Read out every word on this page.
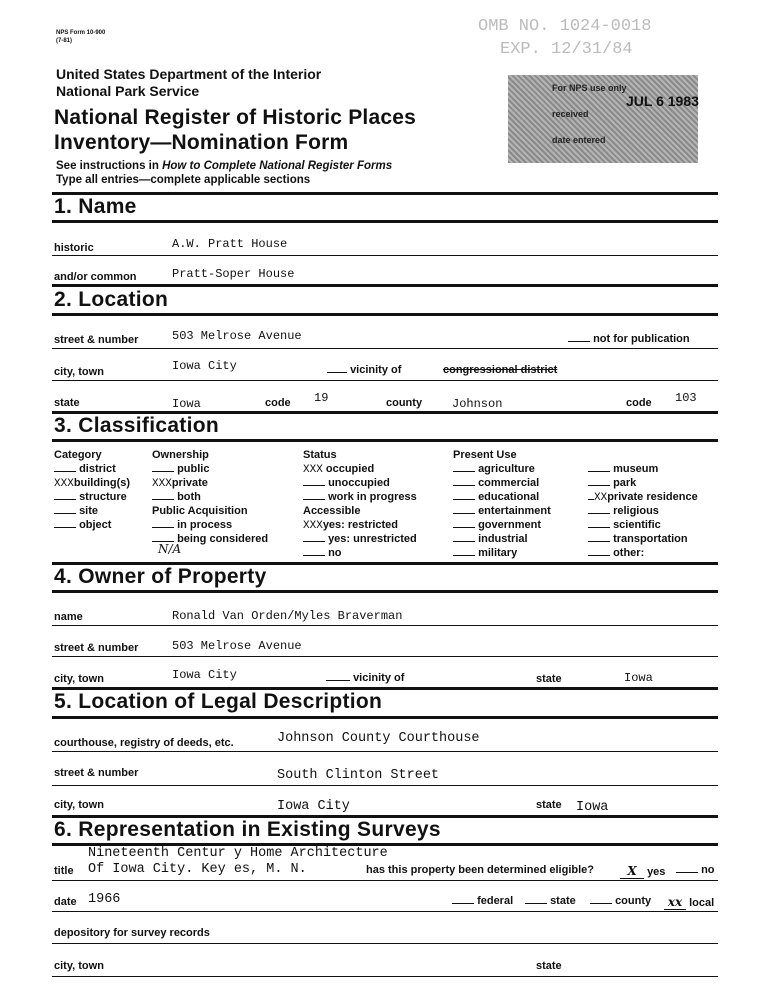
NPS Form 10-900
(7-81)
OMB NO. 1024-0018
EXP. 12/31/84
United States Department of the Interior
National Park Service
National Register of Historic Places
Inventory—Nomination Form
See instructions in How to Complete National Register Forms
Type all entries—complete applicable sections
For NPS use only
received
date entered
JUL 6 1983
1. Name
historic	A.W. Pratt House
and/or common	Pratt-Soper House
2. Location
street & number	503 Melrose Avenue	not for publication
city, town	Iowa City	vicinity of	congressional district
state	Iowa	code 19	county Johnson	code 103
3. Classification
Category
district
XXXbuilding(s)
structure
site
object
Ownership
public
XXXprivate
both
Public Acquisition
in process
being considered
N/A
Status
XXX occupied
unoccupied
work in progress
Accessible
XXXyes: restricted
yes: unrestricted
no
Present Use
agriculture
commercial
educational
entertainment
government
industrial
military
museum
park
XXprivate residence
religious
scientific
transportation
other:
4. Owner of Property
name	Ronald Van Orden/Myles Braverman
street & number	503 Melrose Avenue
city, town	Iowa City	vicinity of	state	Iowa
5. Location of Legal Description
courthouse, registry of deeds, etc.	Johnson County Courthouse
street & number	South Clinton Street
city, town	Iowa City	state Iowa
6. Representation in Existing Surveys
Nineteenth Centur y Home Architecture
title Of Iowa City. Key es, M. N.	has this property been determined eligible?	X yes	no
date 1966	federal	state	county	xx local
depository for survey records
city, town	state
